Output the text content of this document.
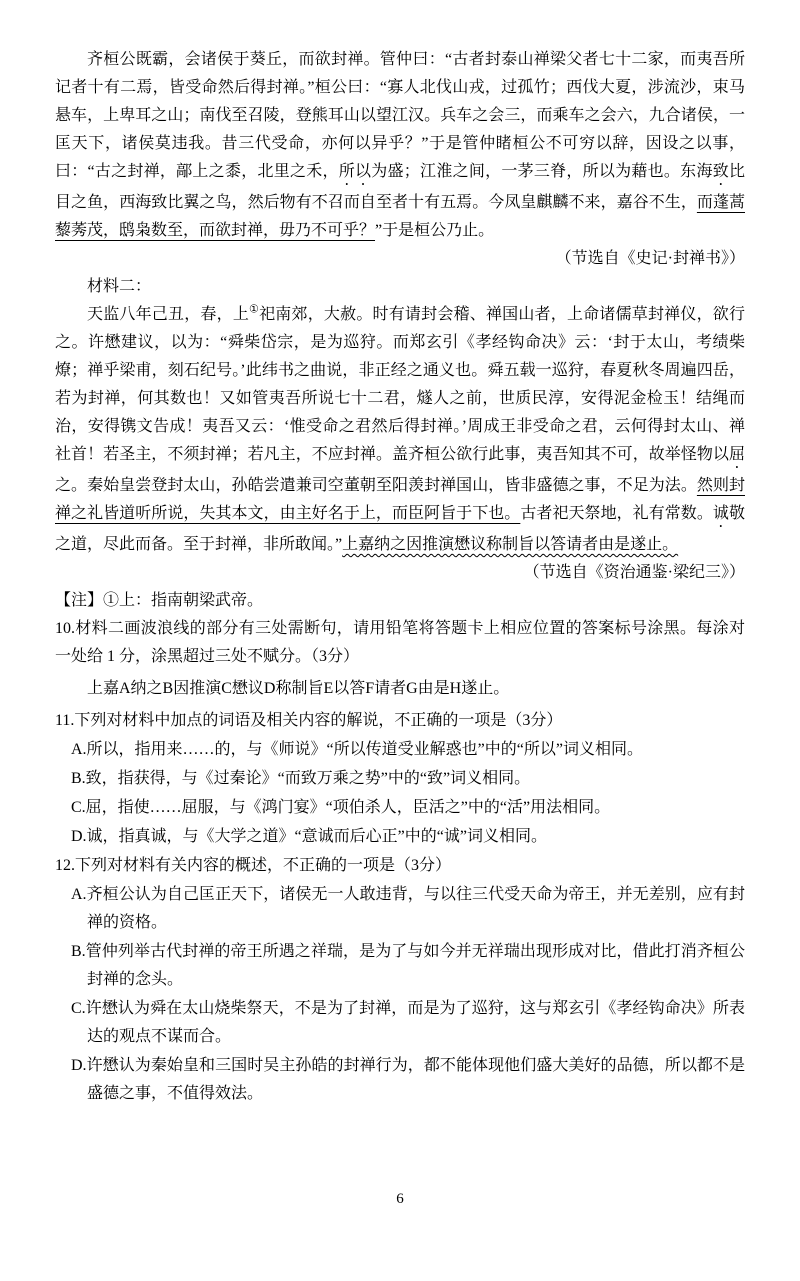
齐桓公既霸，会诸侯于葵丘，而欲封禅。管仲曰：“古者封泰山禅梁父者七十二家，而夷吾所记者十有二焉，皆受命然后得封禅。”桓公曰：“寡人北伐山戎，过孤竹；西伐大夏，涉流沙，束马悬车，上卑耳之山；南伐至召陵，登熊耳山以望江汉。兵车之会三，而乘车之会六，九合诸侯，一匡天下，诸侯莫违我。昔三代受命，亦何以异乎？”于是管仲睹桓公不可穷以辞，因设之以事，曰：“古之封禅，鄗上之黍，北里之禾，所以为盛；江淮之间，一茅三脊，所以为藉也。东海致比目之鱼，西海致比翼之鸟，然后物有不召而自至者十有五焉。今凤皇麒麟不来，嘉谷不生，而蓬蒿藜莠茂，鸱枭数至，而欲封禅，毋乃不可乎？”于是桓公乃止。

（节选自《史记·封禅书》）

材料二：

天监八年己丑，春，上①祀南郊，大赦。时有请封会稽、禅国山者，上命诸儒草封禅仪，欲行之。许懋建议，以为：“舜柴岱宗，是为巡狩。而郑玄引《孝经钩命决》云：‘封于太山，考绩柴燎；禅乎梁甫，刻石纪号。’此纬书之曲说，非正经之通义也。舜五载一巡狩，春夏秋冬周遍四岳，若为封禅，何其数也！又如管夷吾所说七十二君，燧人之前，世质民淳，安得泥金检玉！结绳而治，安得镌文告成！夷吾又云：‘惟受命之君然后得封禅。’周成王非受命之君，云何得封太山、禅社首！若圣主，不须封禅；若凡主，不应封禅。盖齐桓公欲行此事，夷吾知其不可，故举怪物以屈之。秦始皇尝登封太山，孙皓尝遣兼司空董朝至阳羡封禅国山，皆非盛德之事，不足为法。然则封禅之礼皆道听所说，失其本文，由主好名于上，而臣阿旨于下也。古者祀天祭地，礼有常数。诚敬之道，尽此而备。至于封禅，非所敢闻。”上嘉纳之因推演懋议称制旨以答请者由是遂止。

（节选自《资治通鉴·梁纪三》）

【注】①上：指南朝梁武帝。

10.材料二画波浪线的部分有三处需断句，请用铅笔将答题卡上相应位置的答案标号涂黑。每涂对一处给 1 分，涂黑超过三处不赋分。（3分）

上嘉A纳之B因推演C懋议D称制旨E以答F请者G由是H遂止。

11.下列对材料中加点的词语及相关内容的解说，不正确的一项是（3分）

A.所以，指用来……的，与《师说》“所以传道受业解惑也”中的“所以”词义相同。

B.致，指获得，与《过秦论》“而致万乘之势”中的“致”词义相同。

C.屈，指使……屈服，与《鸿门宴》“项伯杀人，臣活之”中的“活”用法相同。

D.诚，指真诚，与《大学之道》“意诚而后心正”中的“诚”词义相同。

12.下列对材料有关内容的概述，不正确的一项是（3分）

A.齐桓公认为自己匡正天下，诸侯无一人敢违背，与以往三代受天命为帝王，并无差别，应有封禅的资格。

B.管仲列举古代封禅的帝王所遇之祥瑞，是为了与如今并无祥瑞出现形成对比，借此打消齐桓公封禅的念头。

C.许懋认为舜在太山烧柴祭天，不是为了封禅，而是为了巡狩，这与郑玄引《孝经钩命决》所表达的观点不谋而合。

D.许懋认为秦始皇和三国时吴主孙皓的封禅行为，都不能体现他们盛大美好的品德，所以都不是盛德之事，不值得效法。

6
